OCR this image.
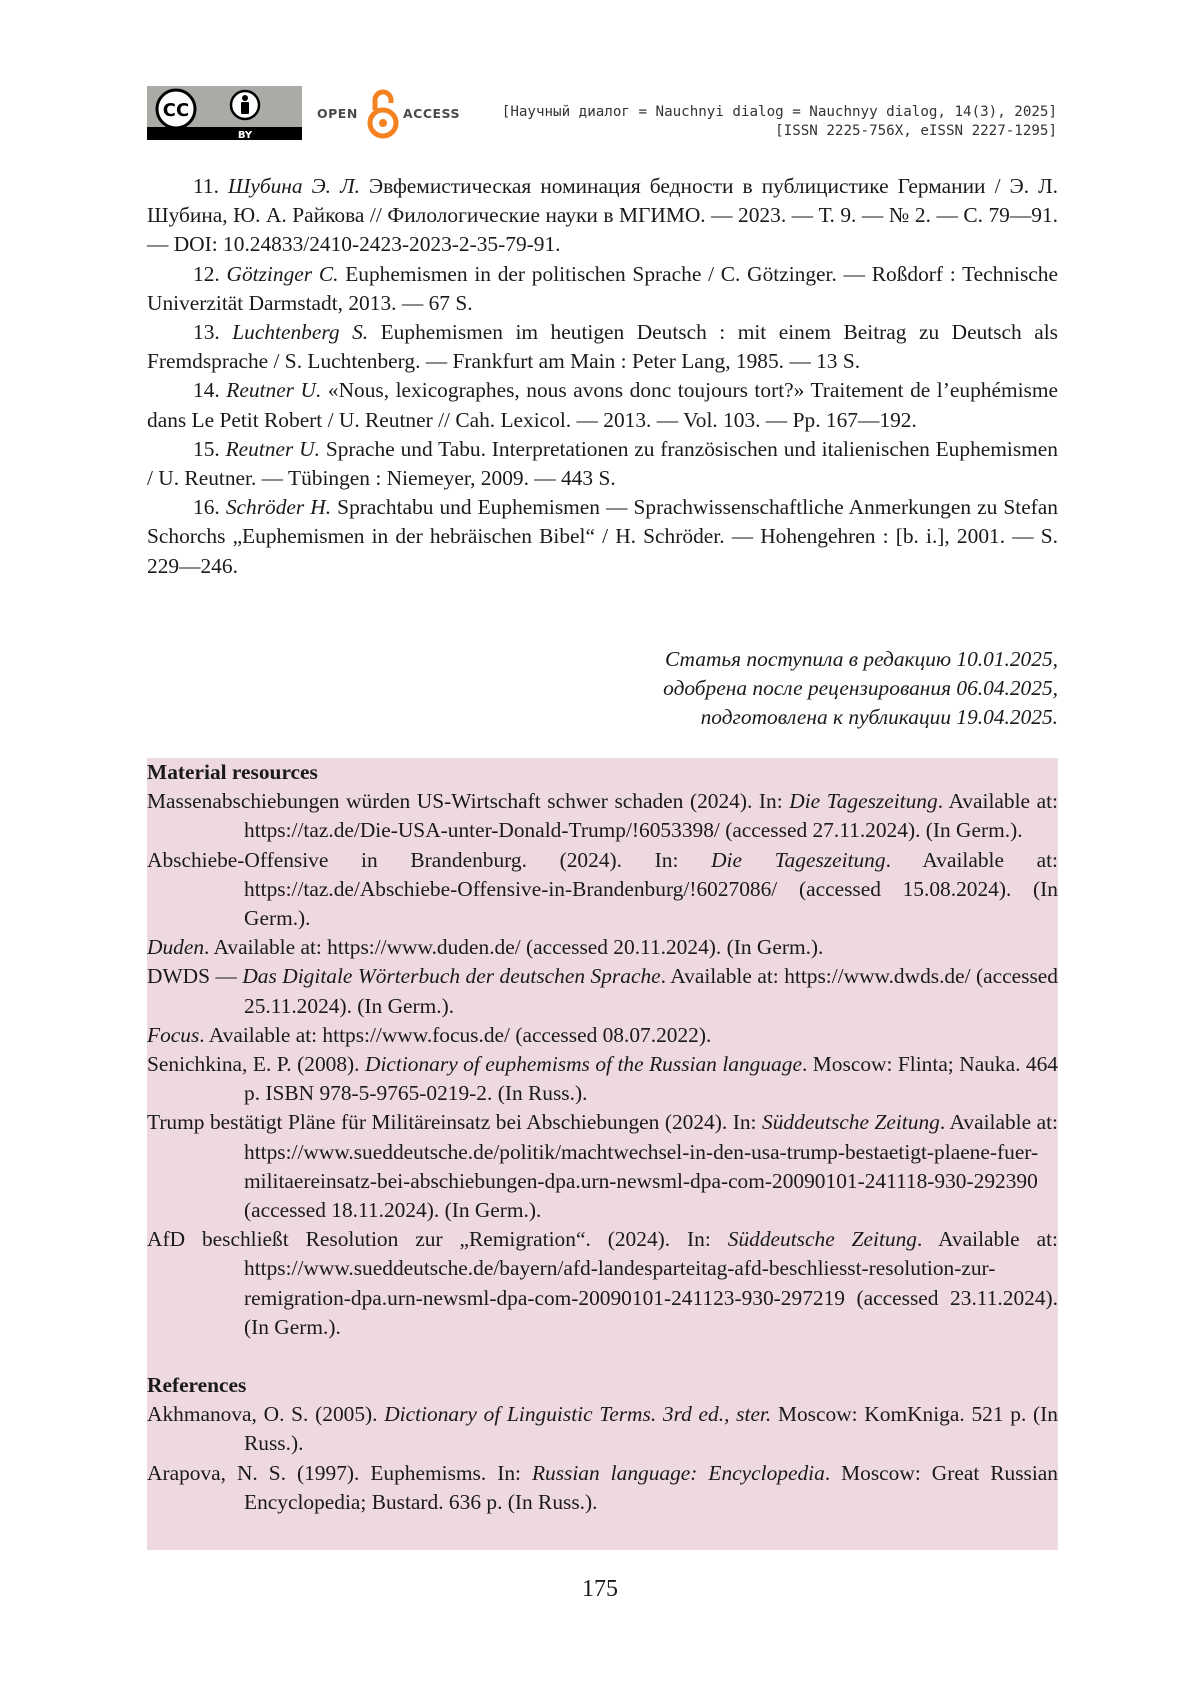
CC
BY
OPEN	ACCESS	[Научный диалог = Nauchnyi dialog = Nauchnyy dialog, 14(3), 2025]
[ISSN 2225-756X, eISSN 2227-1295]

11. Шубина Э. Л. Эвфемистическая номинация бедности в публицистике Германии / Э. Л. Шубина, Ю. А. Райкова // Филологические науки в МГИМО. — 2023. — Т. 9. — № 2. — С. 79—91. — DOI: 10.24833/2410-2423-2023-2-35-79-91.

12. Götzinger C. Euphemismen in der politischen Sprache / C. Götzinger. — Roßdorf : Technische Univerzität Darmstadt, 2013. — 67 S.

13. Luchtenberg S. Euphemismen im heutigen Deutsch : mit einem Beitrag zu Deutsch als Fremdsprache / S. Luchtenberg. — Frankfurt am Main : Peter Lang, 1985. — 13 S.

14. Reutner U. «Nous, lexicographes, nous avons donc toujours tort?» Traitement de l’euphémisme dans Le Petit Robert / U. Reutner // Cah. Lexicol. — 2013. — Vol. 103. — Pp. 167—192.

15. Reutner U. Sprache und Tabu. Interpretationen zu französischen und italienischen Euphemismen / U. Reutner. — Tübingen : Niemeyer, 2009. — 443 S.

16. Schröder H. Sprachtabu und Euphemismen — Sprachwissenschaftliche Anmerkungen zu Stefan Schorchs „Euphemismen in der hebräischen Bibel“ / H. Schröder. — Hohengehren : [b. i.], 2001. — S. 229—246.

Статья поступила в редакцию 10.01.2025,
одобрена после рецензирования 06.04.2025,
подготовлена к публикации 19.04.2025.

Material resources

Massenabschiebungen würden US-Wirtschaft schwer schaden (2024). In: Die Tageszeitung. Available at: https://taz.de/Die-USA-unter-Donald-Trump/!6053398/ (accessed 27.11.2024). (In Germ.).

Abschiebe-Offensive in Brandenburg. (2024). In: Die Tageszeitung. Available at: https://taz.de/Abschiebe-Offensive-in-Brandenburg/!6027086/ (accessed 15.08.2024). (In Germ.).

Duden. Available at: https://www.duden.de/ (accessed 20.11.2024). (In Germ.).

DWDS — Das Digitale Wörterbuch der deutschen Sprache. Available at: https://www.dwds.de/ (accessed 25.11.2024). (In Germ.).

Focus. Available at: https://www.focus.de/ (accessed 08.07.2022).

Senichkina, E. P. (2008). Dictionary of euphemisms of the Russian language. Moscow: Flinta; Nauka. 464 p. ISBN 978-5-9765-0219-2. (In Russ.).

Trump bestätigt Pläne für Militäreinsatz bei Abschiebungen (2024). In: Süddeutsche Zeitung. Available at: https://www.sueddeutsche.de/politik/machtwechsel-in-den-usa-trump-bestaetigt-plaene-fuer-militaereinsatz-bei-abschiebungen-dpa.urn-newsml-dpa-com-20090101-241118-930-292390 (accessed 18.11.2024). (In Germ.).

AfD beschließt Resolution zur „Remigration“. (2024). In: Süddeutsche Zeitung. Available at: https://www.sueddeutsche.de/bayern/afd-landesparteitag-afd-beschliesst-resolution-zur-remigration-dpa.urn-newsml-dpa-com-20090101-241123-930-297219 (accessed 23.11.2024). (In Germ.).

References

Akhmanova, O. S. (2005). Dictionary of Linguistic Terms. 3rd ed., ster. Moscow: KomKniga. 521 p. (In Russ.).

Arapova, N. S. (1997). Euphemisms. In: Russian language: Encyclopedia. Moscow: Great Russian Encyclopedia; Bustard. 636 p. (In Russ.).

175
